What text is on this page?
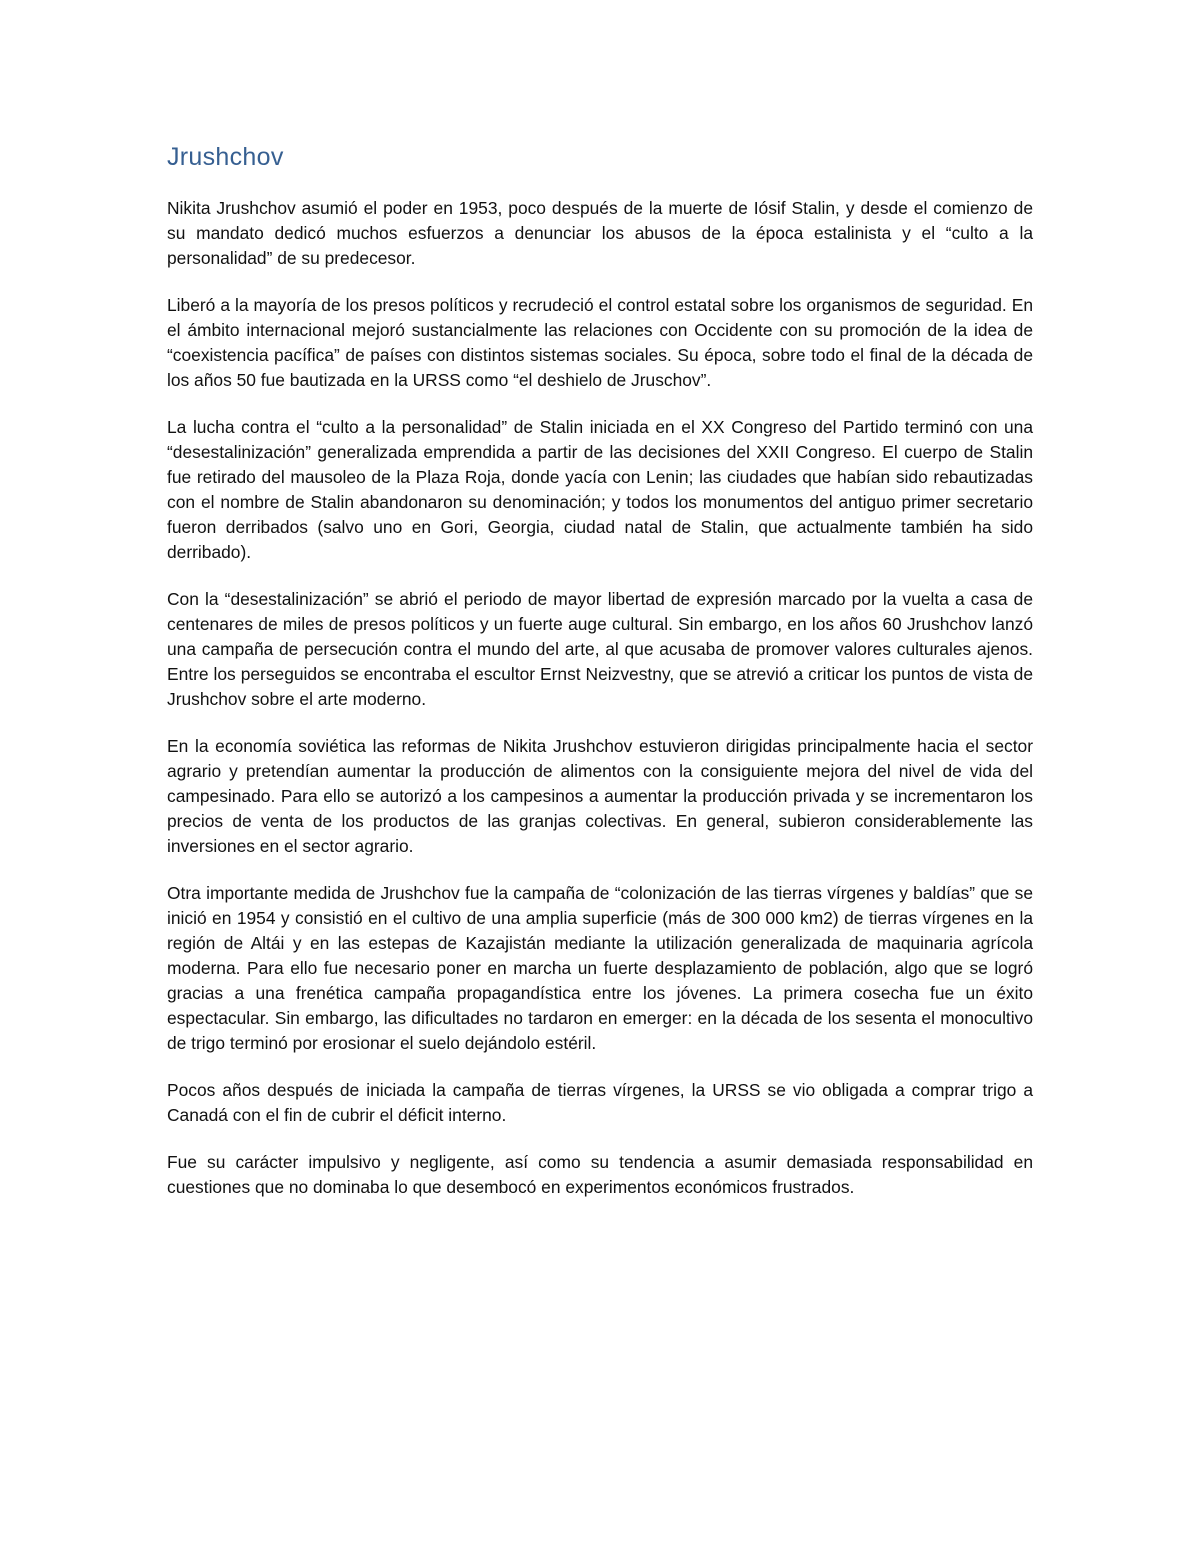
Jrushchov

Nikita Jrushchov asumió el poder en 1953, poco después de la muerte de Iósif Stalin, y desde el comienzo de su mandato dedicó muchos esfuerzos a denunciar los abusos de la época estalinista y el “culto a la personalidad” de su predecesor.

Liberó a la mayoría de los presos políticos y recrudeció el control estatal sobre los organismos de seguridad. En el ámbito internacional mejoró sustancialmente las relaciones con Occidente con su promoción de la idea de “coexistencia pacífica” de países con distintos sistemas sociales. Su época, sobre todo el final de la década de los años 50 fue bautizada en la URSS como “el deshielo de Jruschov”.

La lucha contra el “culto a la personalidad” de Stalin iniciada en el XX Congreso del Partido terminó con una “desestalinización” generalizada emprendida a partir de las decisiones del XXII Congreso. El cuerpo de Stalin fue retirado del mausoleo de la Plaza Roja, donde yacía con Lenin; las ciudades que habían sido rebautizadas con el nombre de Stalin abandonaron su denominación; y todos los monumentos del antiguo primer secretario fueron derribados (salvo uno en Gori, Georgia, ciudad natal de Stalin, que actualmente también ha sido derribado).

Con la “desestalinización” se abrió el periodo de mayor libertad de expresión marcado por la vuelta a casa de centenares de miles de presos políticos y un fuerte auge cultural. Sin embargo, en los años 60 Jrushchov lanzó una campaña de persecución contra el mundo del arte, al que acusaba de promover valores culturales ajenos. Entre los perseguidos se encontraba el escultor Ernst Neizvestny, que se atrevió a criticar los puntos de vista de Jrushchov sobre el arte moderno.

En la economía soviética las reformas de Nikita Jrushchov estuvieron dirigidas principalmente hacia el sector agrario y pretendían aumentar la producción de alimentos con la consiguiente mejora del nivel de vida del campesinado. Para ello se autorizó a los campesinos a aumentar la producción privada y se incrementaron los precios de venta de los productos de las granjas colectivas. En general, subieron considerablemente las inversiones en el sector agrario.

Otra importante medida de Jrushchov fue la campaña de “colonización de las tierras vírgenes y baldías” que se inició en 1954 y consistió en el cultivo de una amplia superficie (más de 300 000 km2) de tierras vírgenes en la región de Altái y en las estepas de Kazajistán mediante la utilización generalizada de maquinaria agrícola moderna. Para ello fue necesario poner en marcha un fuerte desplazamiento de población, algo que se logró gracias a una frenética campaña propagandística entre los jóvenes. La primera cosecha fue un éxito espectacular. Sin embargo, las dificultades no tardaron en emerger: en la década de los sesenta el monocultivo de trigo terminó por erosionar el suelo dejándolo estéril.

Pocos años después de iniciada la campaña de tierras vírgenes, la URSS se vio obligada a comprar trigo a Canadá con el fin de cubrir el déficit interno.

Fue su carácter impulsivo y negligente, así como su tendencia a asumir demasiada responsabilidad en cuestiones que no dominaba lo que desembocó en experimentos económicos frustrados.
